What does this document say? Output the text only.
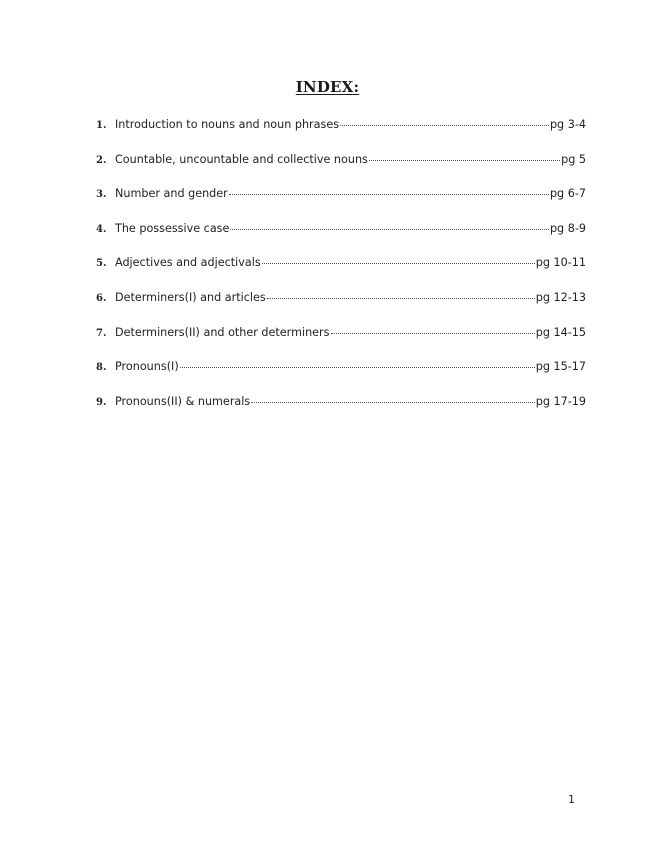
INDEX:
1. Introduction to nouns and noun phrases	pg 3-4
2. Countable, uncountable and collective nouns	pg 5
3. Number and gender	pg 6-7
4. The possessive case	pg 8-9
5. Adjectives and adjectivals	pg 10-11
6. Determiners(I) and articles	pg 12-13
7. Determiners(II) and other determiners	pg 14-15
8. Pronouns(I)	pg 15-17
9. Pronouns(II) & numerals	pg 17-19
1
